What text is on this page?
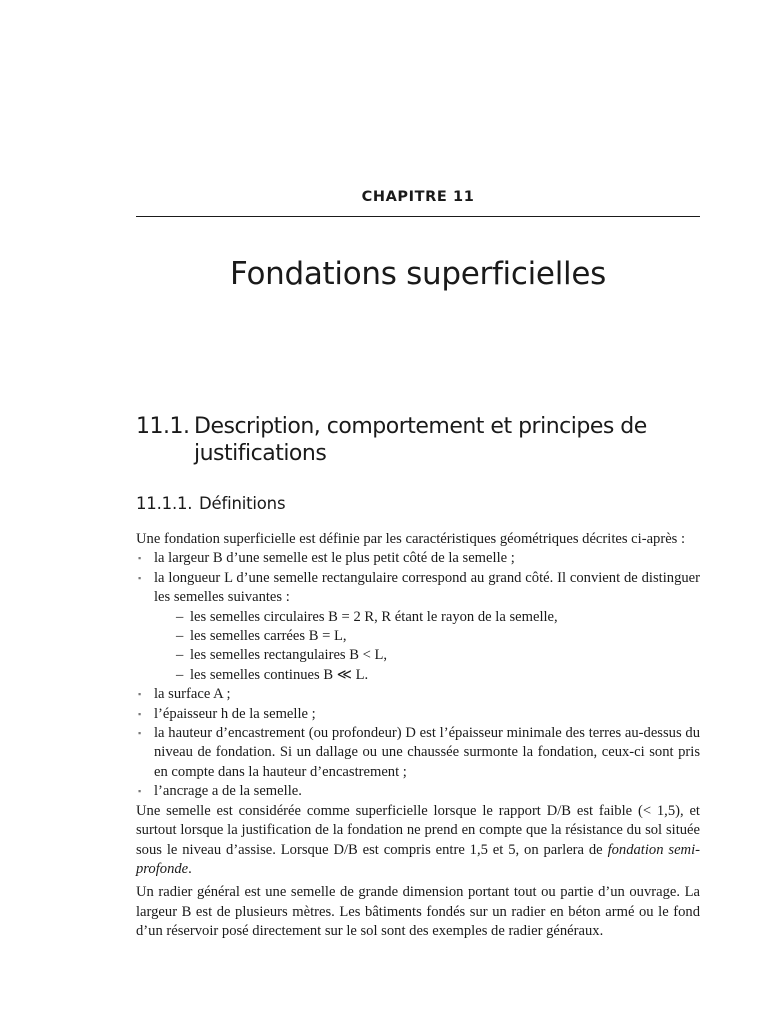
CHAPITRE 11
Fondations superficielles
11.1. Description, comportement et principes de justifications
11.1.1. Définitions

Une fondation superficielle est définie par les caractéristiques géométriques décrites ci-après :

▪ la largeur B d’une semelle est le plus petit côté de la semelle ;
▪ la longueur L d’une semelle rectangulaire correspond au grand côté. Il convient de distinguer les semelles suivantes :
– les semelles circulaires B = 2 R, R étant le rayon de la semelle,
– les semelles carrées B = L,
– les semelles rectangulaires B < L,
– les semelles continues B ≪ L.
▪ la surface A ;
▪ l’épaisseur h de la semelle ;
▪ la hauteur d’encastrement (ou profondeur) D est l’épaisseur minimale des terres au-dessus du niveau de fondation. Si un dallage ou une chaussée surmonte la fondation, ceux-ci sont pris en compte dans la hauteur d’encastrement ;
▪ l’ancrage a de la semelle.

Une semelle est considérée comme superficielle lorsque le rapport D/B est faible (< 1,5), et surtout lorsque la justification de la fondation ne prend en compte que la résistance du sol située sous le niveau d’assise. Lorsque D/B est compris entre 1,5 et 5, on parlera de fondation semi-profonde.

Un radier général est une semelle de grande dimension portant tout ou partie d’un ouvrage. La largeur B est de plusieurs mètres. Les bâtiments fondés sur un radier en béton armé ou le fond d’un réservoir posé directement sur le sol sont des exemples de radier généraux.
